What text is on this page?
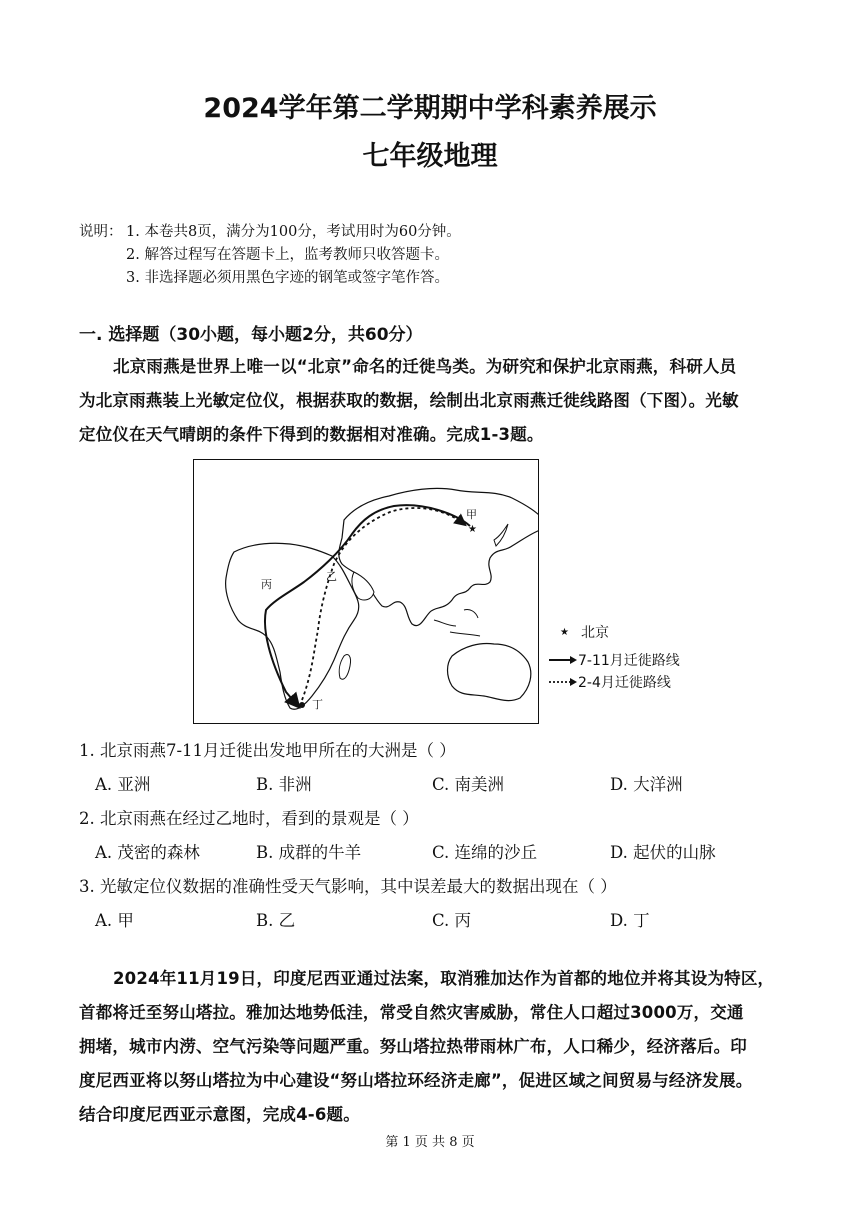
2024学年第二学期期中学科素养展示
七年级地理
说明： 1. 本卷共8页，满分为100分，考试用时为60分钟。
2. 解答过程写在答题卡上，监考教师只收答题卡。
3. 非选择题必须用黑色字迹的钢笔或签字笔作答。
一. 选择题（30小题，每小题2分，共60分）

北京雨燕是世界上唯一以“北京”命名的迁徙鸟类。为研究和保护北京雨燕，科研人员

为北京雨燕装上光敏定位仪，根据获取的数据，绘制出北京雨燕迁徙线路图（下图）。光敏

定位仪在天气晴朗的条件下得到的数据相对准确。完成1-3题。

★
甲
乙
丙
丁
★ 北京
7-11月迁徙路线
2-4月迁徙路线
1. 北京雨燕7-11月迁徙出发地甲所在的大洲是（ ）
A. 亚洲	B. 非洲	C. 南美洲	D. 大洋洲
2. 北京雨燕在经过乙地时，看到的景观是（ ）
A. 茂密的森林	B. 成群的牛羊	C. 连绵的沙丘	D. 起伏的山脉
3. 光敏定位仪数据的准确性受天气影响，其中误差最大的数据出现在（ ）
A. 甲	B. 乙	C. 丙	D. 丁

2024年11月19日，印度尼西亚通过法案，取消雅加达作为首都的地位并将其设为特区，

首都将迁至努山塔拉。雅加达地势低洼，常受自然灾害威胁，常住人口超过3000万，交通

拥堵，城市内涝、空气污染等问题严重。努山塔拉热带雨林广布，人口稀少，经济落后。印

度尼西亚将以努山塔拉为中心建设“努山塔拉环经济走廊”，促进区域之间贸易与经济发展。

结合印度尼西亚示意图，完成4-6题。

第 1 页 共 8 页
